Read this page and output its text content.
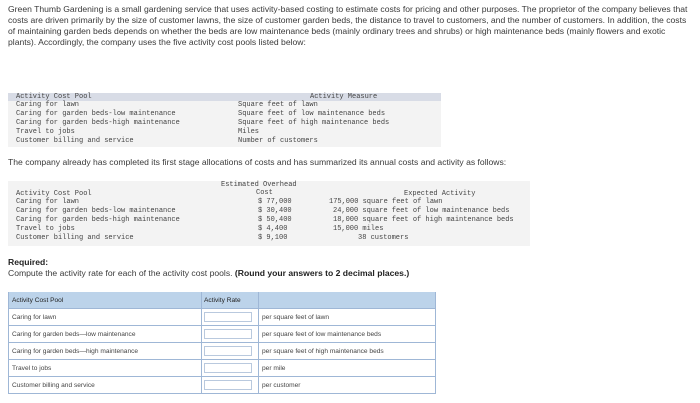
Green Thumb Gardening is a small gardening service that uses activity-based costing to estimate costs for pricing and other purposes. The proprietor of the company believes that costs are driven primarily by the size of customer lawns, the size of customer garden beds, the distance to travel to customers, and the number of customers. In addition, the costs of maintaining garden beds depends on whether the beds are low maintenance beds (mainly ordinary trees and shrubs) or high maintenance beds (mainly flowers and exotic plants). Accordingly, the company uses the five activity cost pools listed below:
Activity Cost Pool	Activity Measure
Caring for lawn	Square feet of lawn
Caring for garden beds-low maintenance	Square feet of low maintenance beds
Caring for garden beds-high maintenance	Square feet of high maintenance beds
Travel to jobs	Miles
Customer billing and service	Number of customers
The company already has completed its first stage allocations of costs and has summarized its annual costs and activity as follows:
Estimated Overhead
Cost
Activity Cost Pool	Expected Activity
Caring for lawn	$ 77,000	175,000 square feet of lawn
Caring for garden beds-low maintenance	$ 30,400	24,000 square feet of low maintenance beds
Caring for garden beds-high maintenance	$ 50,400	18,000 square feet of high maintenance beds
Travel to jobs	$ 4,400	15,000 miles
Customer billing and service	$ 9,100	38 customers
Required:
Compute the activity rate for each of the activity cost pools. (Round your answers to 2 decimal places.)
Activity Cost Pool	Activity Rate	
Caring for lawn		per square feet of lawn
Caring for garden beds—low maintenance		per square feet of low maintenance beds
Caring for garden beds—high maintenance		per square feet of high maintenance beds
Travel to jobs		per mile
Customer billing and service		per customer
